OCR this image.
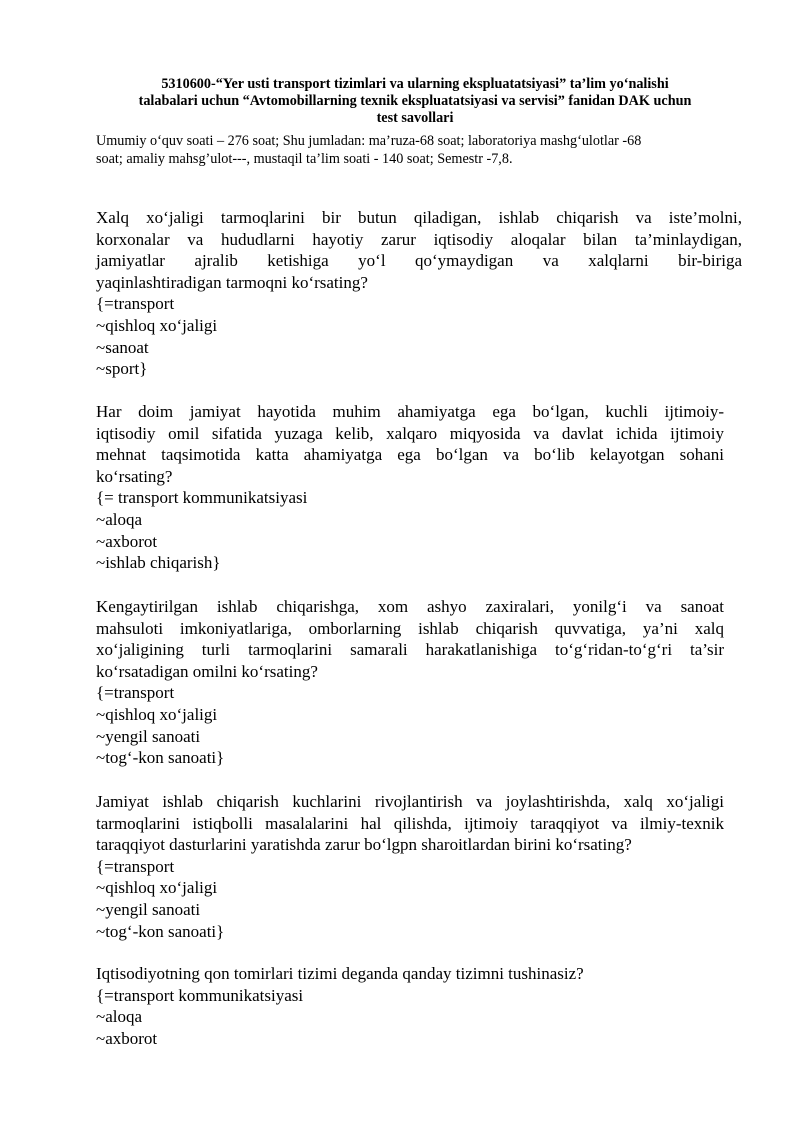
5310600-“Yer usti transport tizimlari va ularning ekspluatatsiyasi” ta’lim yo‘nalishi
talabalari uchun “Avtomobillarning texnik ekspluatatsiyasi va servisi” fanidan DAK uchun
test savollari
Umumiy o‘quv soati – 276 soat; Shu jumladan: ma’ruza-68 soat; laboratoriya mashg‘ulotlar -68
soat; amaliy mahsg’ulot---, mustaqil ta’lim soati - 140 soat; Semestr -7,8.
Xalq xo‘jaligi tarmoqlarini bir butun qiladigan, ishlab chiqarish va iste’molni,
korxonalar va hududlarni hayotiy zarur iqtisodiy aloqalar bilan ta’minlaydigan,
jamiyatlar ajralib ketishiga yo‘l qo‘ymaydigan va xalqlarni bir-biriga
yaqinlashtiradigan tarmoqni ko‘rsating?
{=transport
~qishloq xo‘jaligi
~sanoat
~sport}
Har doim jamiyat hayotida muhim ahamiyatga ega bo‘lgan, kuchli ijtimoiy-
iqtisodiy omil sifatida yuzaga kelib, xalqaro miqyosida va davlat ichida ijtimoiy
mehnat taqsimotida katta ahamiyatga ega bo‘lgan va bo‘lib kelayotgan sohani
ko‘rsating?
{= transport kommunikatsiyasi
~aloqa
~axborot
~ishlab chiqarish}
Kengaytirilgan ishlab chiqarishga, xom ashyo zaxiralari, yonilg‘i va sanoat
mahsuloti imkoniyatlariga, omborlarning ishlab chiqarish quvvatiga, ya’ni xalq
xo‘jaligining turli tarmoqlarini samarali harakatlanishiga to‘g‘ridan-to‘g‘ri ta’sir
ko‘rsatadigan omilni ko‘rsating?
{=transport
~qishloq xo‘jaligi
~yengil sanoati
~tog‘-kon sanoati}
Jamiyat ishlab chiqarish kuchlarini rivojlantirish va joylashtirishda, xalq xo‘jaligi
tarmoqlarini istiqbolli masalalarini hal qilishda, ijtimoiy taraqqiyot va ilmiy-texnik
taraqqiyot dasturlarini yaratishda zarur bo‘lgpn sharoitlardan birini ko‘rsating?
{=transport
~qishloq xo‘jaligi
~yengil sanoati
~tog‘-kon sanoati}
Iqtisodiyotning qon tomirlari tizimi deganda qanday tizimni tushinasiz?
{=transport kommunikatsiyasi
~aloqa
~axborot
